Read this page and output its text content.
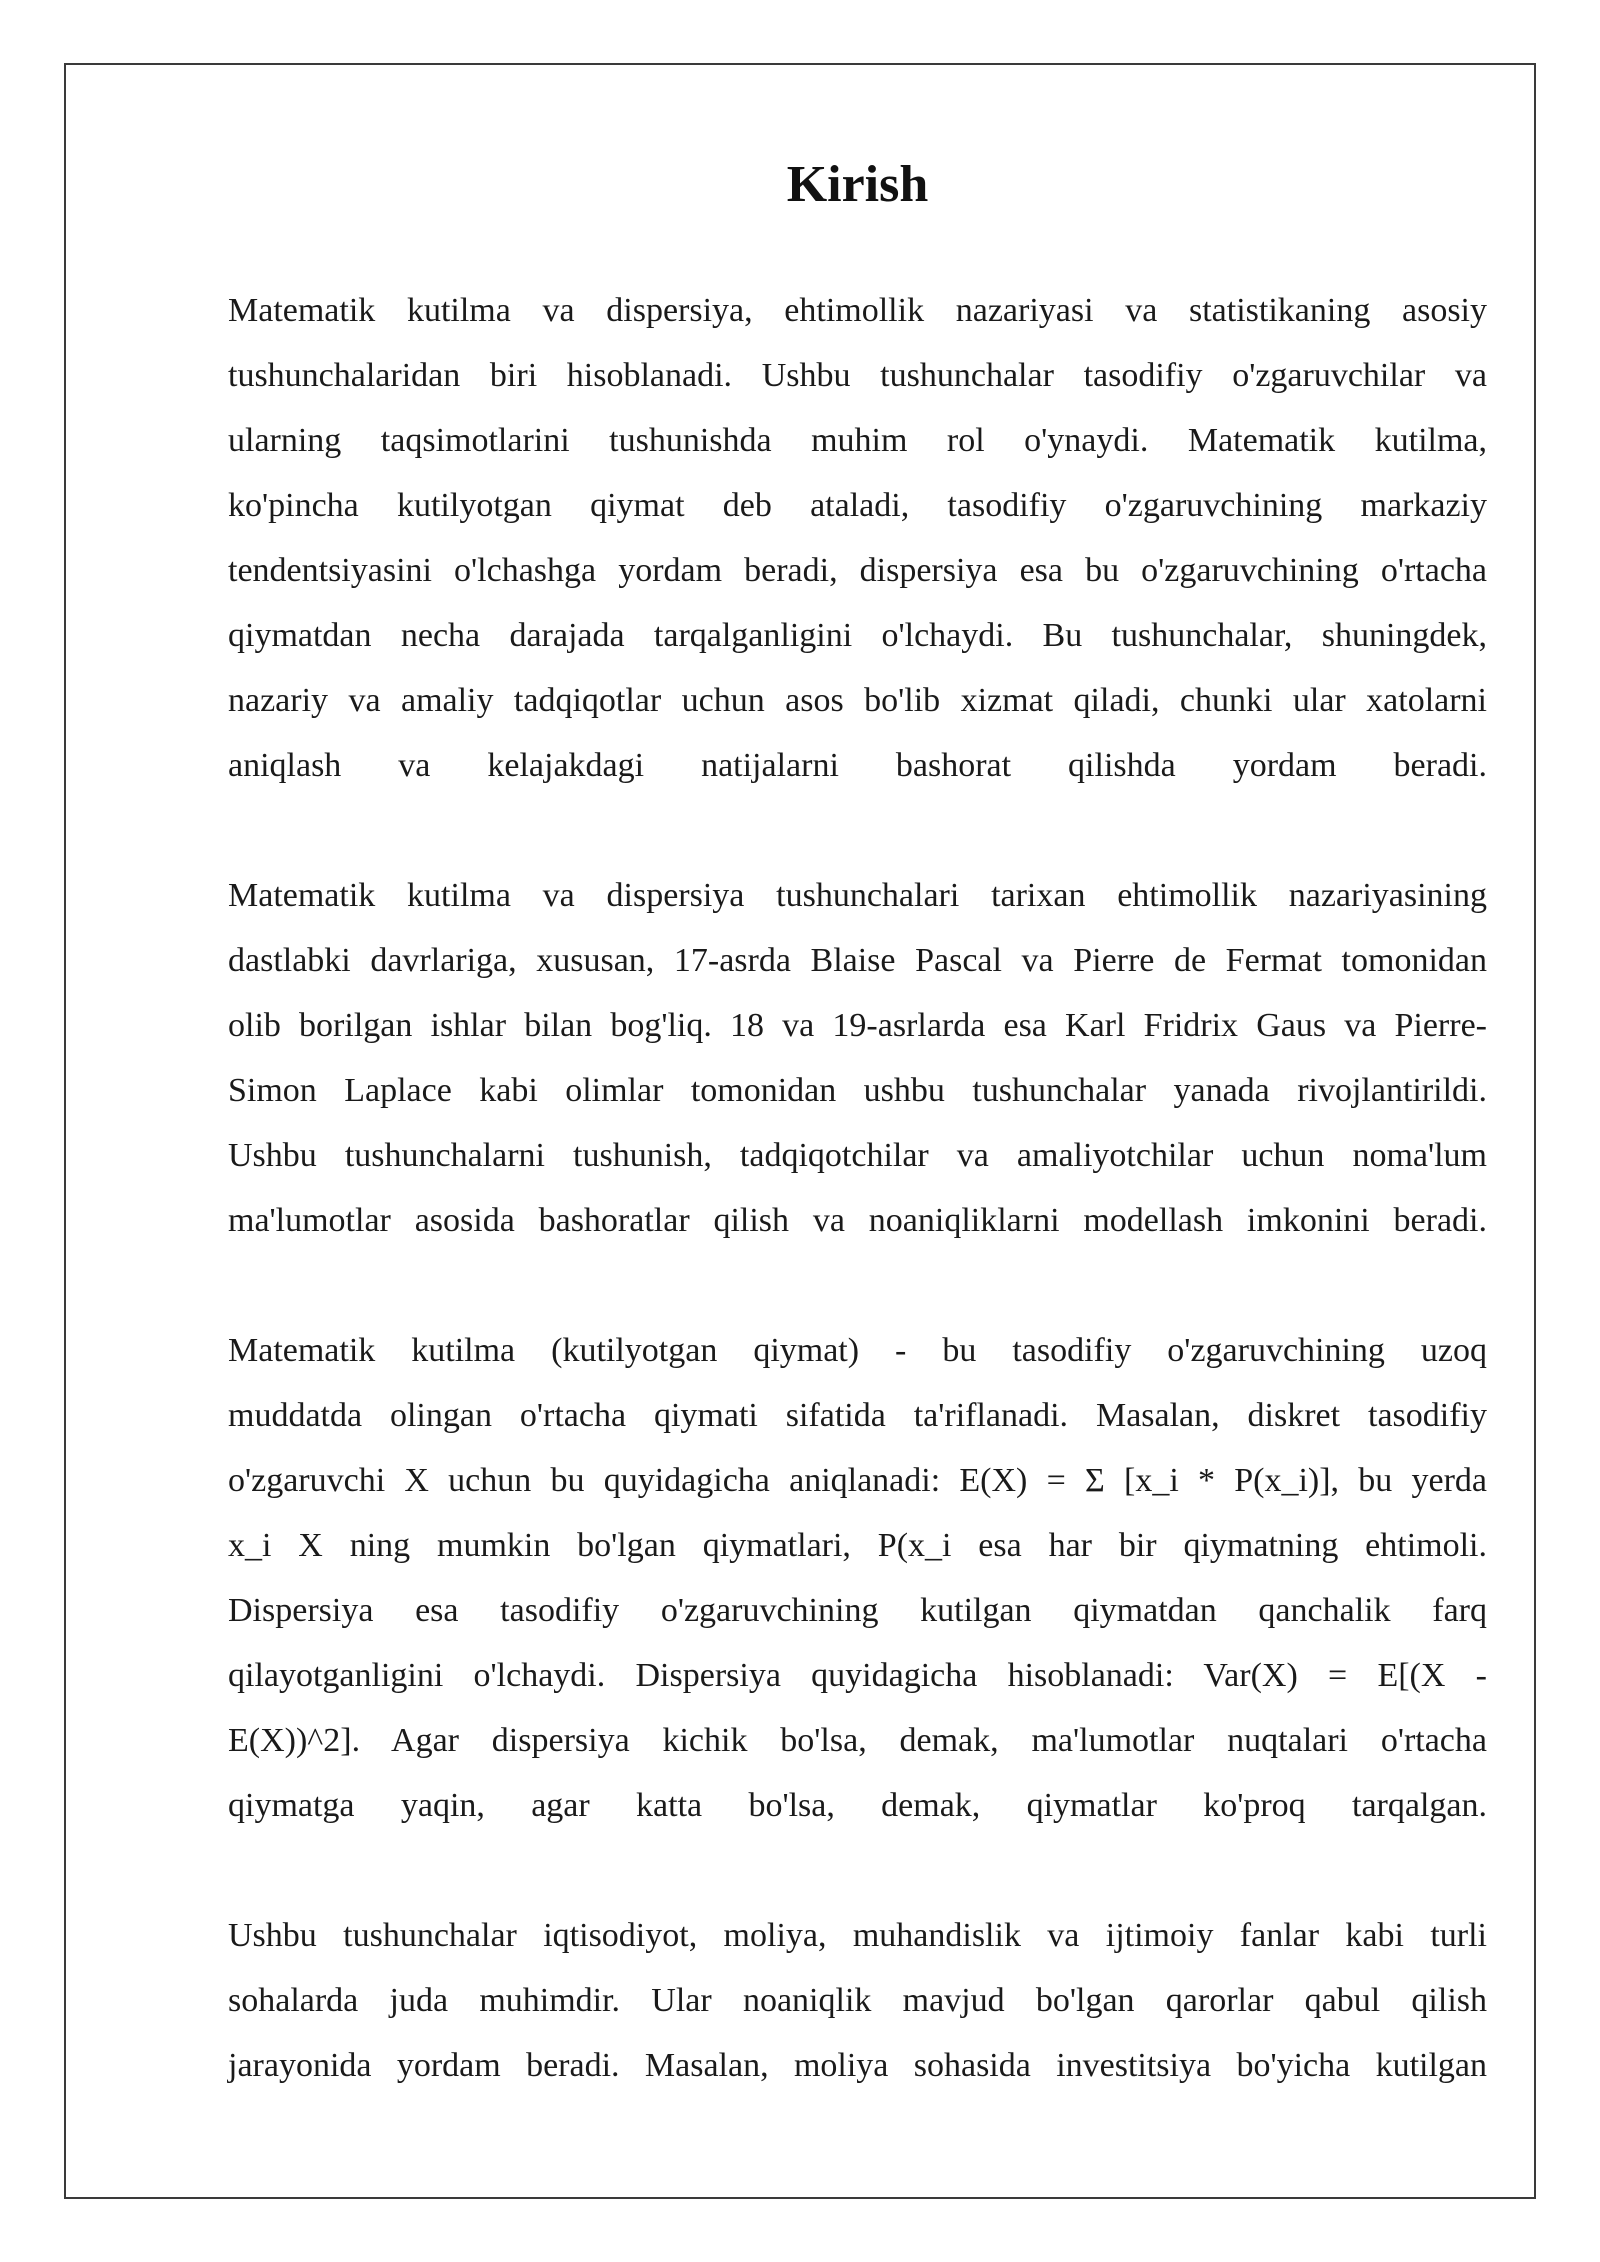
Kirish
Matematik kutilma va dispersiya, ehtimollik nazariyasi va statistikaning asosiy
tushunchalaridan biri hisoblanadi. Ushbu tushunchalar tasodifiy o'zgaruvchilar va
ularning taqsimotlarini tushunishda muhim rol o'ynaydi. Matematik kutilma,
ko'pincha kutilyotgan qiymat deb ataladi, tasodifiy o'zgaruvchining markaziy
tendentsiyasini o'lchashga yordam beradi, dispersiya esa bu o'zgaruvchining o'rtacha
qiymatdan necha darajada tarqalganligini o'lchaydi. Bu tushunchalar, shuningdek,
nazariy va amaliy tadqiqotlar uchun asos bo'lib xizmat qiladi, chunki ular xatolarni
aniqlash va kelajakdagi natijalarni bashorat qilishda yordam beradi.
Matematik kutilma va dispersiya tushunchalari tarixan ehtimollik nazariyasining
dastlabki davrlariga, xususan, 17-asrda Blaise Pascal va Pierre de Fermat tomonidan
olib borilgan ishlar bilan bog'liq. 18 va 19-asrlarda esa Karl Fridrix Gaus va Pierre-
Simon Laplace kabi olimlar tomonidan ushbu tushunchalar yanada rivojlantirildi.
Ushbu tushunchalarni tushunish, tadqiqotchilar va amaliyotchilar uchun noma'lum
ma'lumotlar asosida bashoratlar qilish va noaniqliklarni modellash imkonini beradi.
Matematik kutilma (kutilyotgan qiymat) - bu tasodifiy o'zgaruvchining uzoq
muddatda olingan o'rtacha qiymati sifatida ta'riflanadi. Masalan, diskret tasodifiy
o'zgaruvchi X uchun bu quyidagicha aniqlanadi: E(X) = Σ [x_i * P(x_i)], bu yerda
x_i X ning mumkin bo'lgan qiymatlari, P(x_i esa har bir qiymatning ehtimoli.
Dispersiya esa tasodifiy o'zgaruvchining kutilgan qiymatdan qanchalik farq
qilayotganligini o'lchaydi. Dispersiya quyidagicha hisoblanadi: Var(X) = E[(X -
E(X))^2]. Agar dispersiya kichik bo'lsa, demak, ma'lumotlar nuqtalari o'rtacha
qiymatga yaqin, agar katta bo'lsa, demak, qiymatlar ko'proq tarqalgan.
Ushbu tushunchalar iqtisodiyot, moliya, muhandislik va ijtimoiy fanlar kabi turli
sohalarda juda muhimdir. Ular noaniqlik mavjud bo'lgan qarorlar qabul qilish
jarayonida yordam beradi. Masalan, moliya sohasida investitsiya bo'yicha kutilgan
